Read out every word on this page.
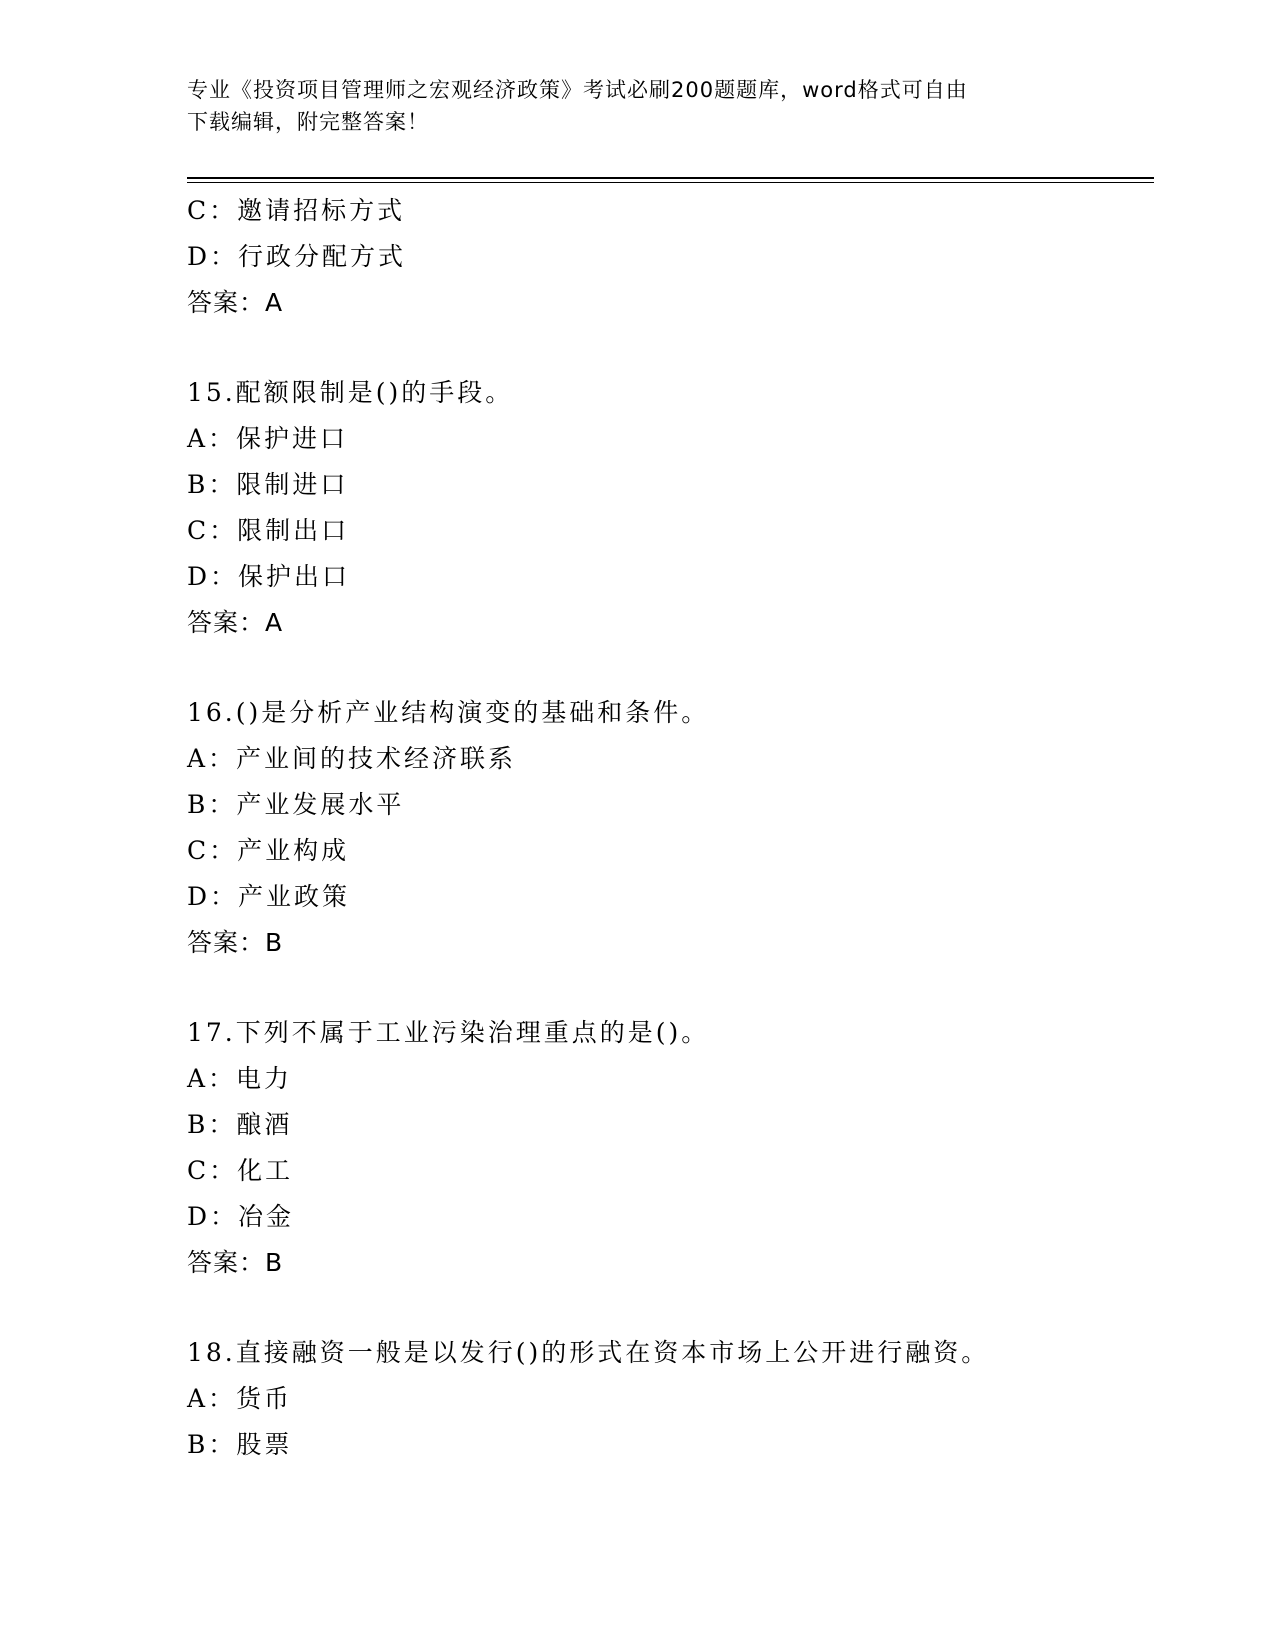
专业《投资项目管理师之宏观经济政策》考试必刷200题题库，word格式可自由
下载编辑，附完整答案！
C：邀请招标方式
D：行政分配方式
答案：A
15.配额限制是()的手段。
A：保护进口
B：限制进口
C：限制出口
D：保护出口
答案：A
16.()是分析产业结构演变的基础和条件。
A：产业间的技术经济联系
B：产业发展水平
C：产业构成
D：产业政策
答案：B
17.下列不属于工业污染治理重点的是()。
A：电力
B：酿酒
C：化工
D：冶金
答案：B
18.直接融资一般是以发行()的形式在资本市场上公开进行融资。
A：货币
B：股票
